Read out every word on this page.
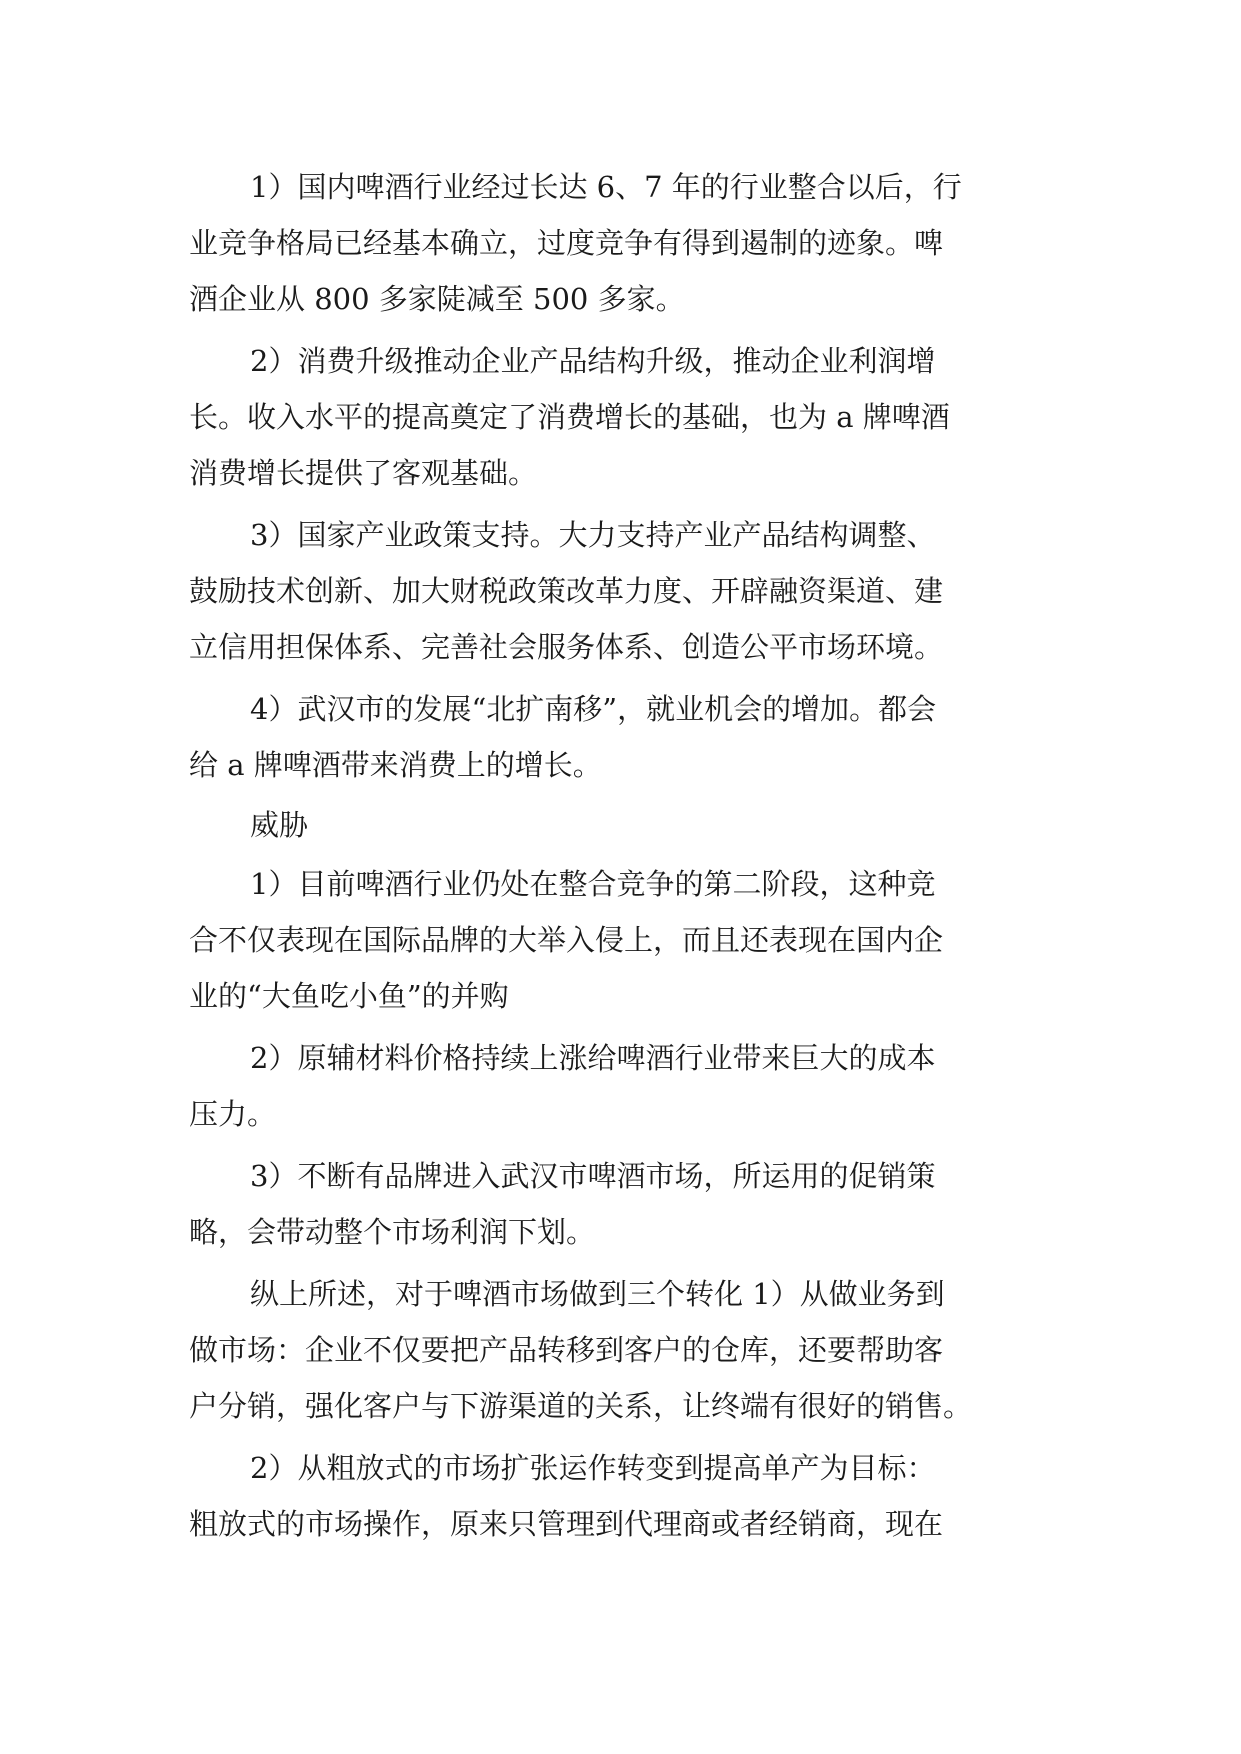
1）国内啤酒行业经过长达 6、7 年的行业整合以后，行
业竞争格局已经基本确立，过度竞争有得到遏制的迹象。啤
酒企业从 800 多家陡减至 500 多家。
2）消费升级推动企业产品结构升级，推动企业利润增
长。收入水平的提高奠定了消费增长的基础，也为 a 牌啤酒
消费增长提供了客观基础。
3）国家产业政策支持。大力支持产业产品结构调整、
鼓励技术创新、加大财税政策改革力度、开辟融资渠道、建
立信用担保体系、完善社会服务体系、创造公平市场环境。
4）武汉市的发展“北扩南移”，就业机会的增加。都会
给 a 牌啤酒带来消费上的增长。
威胁
1）目前啤酒行业仍处在整合竞争的第二阶段，这种竞
合不仅表现在国际品牌的大举入侵上，而且还表现在国内企
业的“大鱼吃小鱼”的并购
2）原辅材料价格持续上涨给啤酒行业带来巨大的成本
压力。
3）不断有品牌进入武汉市啤酒市场，所运用的促销策
略，会带动整个市场利润下划。
纵上所述，对于啤酒市场做到三个转化 1）从做业务到
做市场：企业不仅要把产品转移到客户的仓库，还要帮助客
户分销，强化客户与下游渠道的关系，让终端有很好的销售。
2）从粗放式的市场扩张运作转变到提高单产为目标：
粗放式的市场操作，原来只管理到代理商或者经销商，现在
